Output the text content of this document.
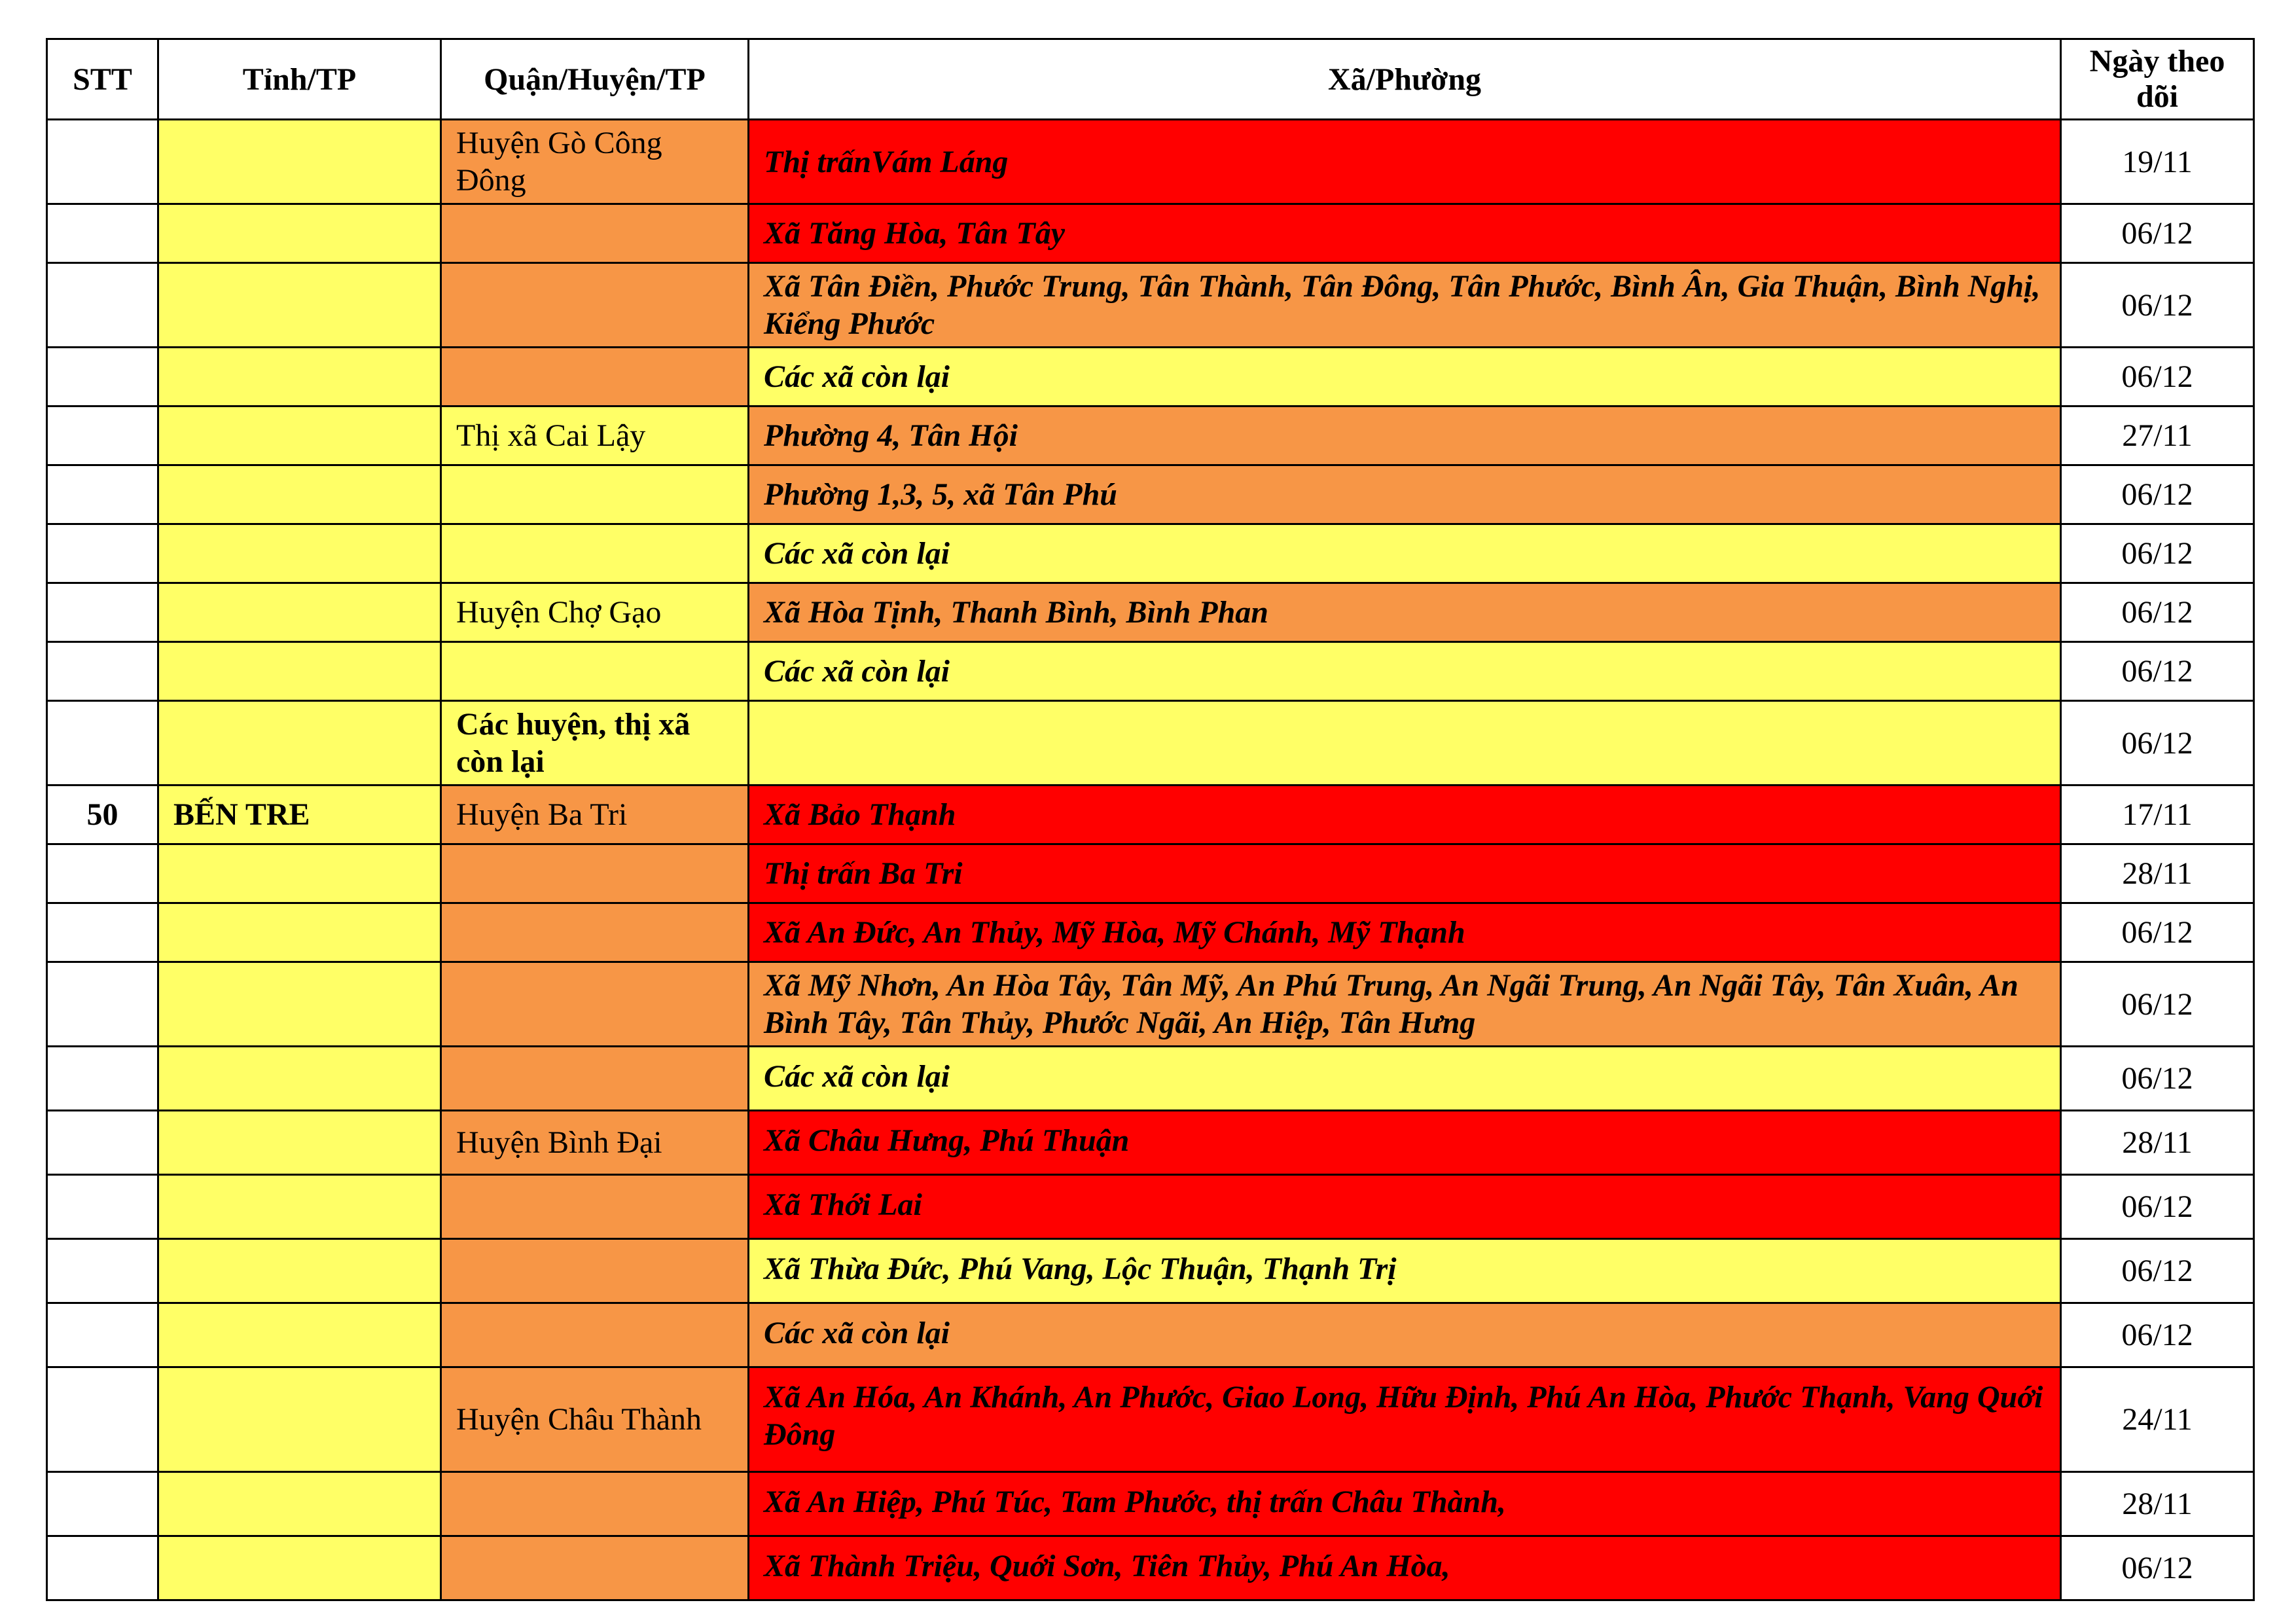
STT	Tỉnh/TP	Quận/Huyện/TP	Xã/Phường	Ngày theo dõi
		Huyện Gò Công Đông	Thị trấnVám Láng	19/11
			Xã Tăng Hòa, Tân Tây	06/12
			Xã Tân Điền, Phước Trung, Tân Thành, Tân Đông, Tân Phước, Bình Ân, Gia Thuận, Bình Nghị, Kiểng Phước	06/12
			Các xã còn lại	06/12
		Thị xã Cai Lậy	Phường 4, Tân Hội	27/11
			Phường 1,3, 5, xã Tân Phú	06/12
			Các xã còn lại	06/12
		Huyện Chợ Gạo	Xã Hòa Tịnh, Thanh Bình, Bình Phan	06/12
			Các xã còn lại	06/12
		Các huyện, thị xã còn lại		06/12
50	BẾN TRE	Huyện Ba Tri	Xã Bảo Thạnh	17/11
			Thị trấn Ba Tri	28/11
			Xã An Đức, An Thủy, Mỹ Hòa, Mỹ Chánh, Mỹ Thạnh	06/12
			Xã Mỹ Nhơn, An Hòa Tây, Tân Mỹ, An Phú Trung, An Ngãi Trung, An Ngãi Tây, Tân Xuân, An Bình Tây, Tân Thủy, Phước Ngãi, An Hiệp, Tân Hưng	06/12
			Các xã còn lại	06/12
		Huyện Bình Đại	Xã Châu Hưng, Phú Thuận	28/11
			Xã Thới Lai	06/12
			Xã Thừa Đức, Phú Vang, Lộc Thuận, Thạnh Trị	06/12
			Các xã còn lại	06/12
		Huyện Châu Thành	Xã An Hóa, An Khánh, An Phước, Giao Long, Hữu Định, Phú An Hòa, Phước Thạnh, Vang Quới Đông	24/11
			Xã An Hiệp, Phú Túc, Tam Phước, thị trấn Châu Thành,	28/11
			Xã Thành Triệu, Quới Sơn, Tiên Thủy, Phú An Hòa,	06/12
